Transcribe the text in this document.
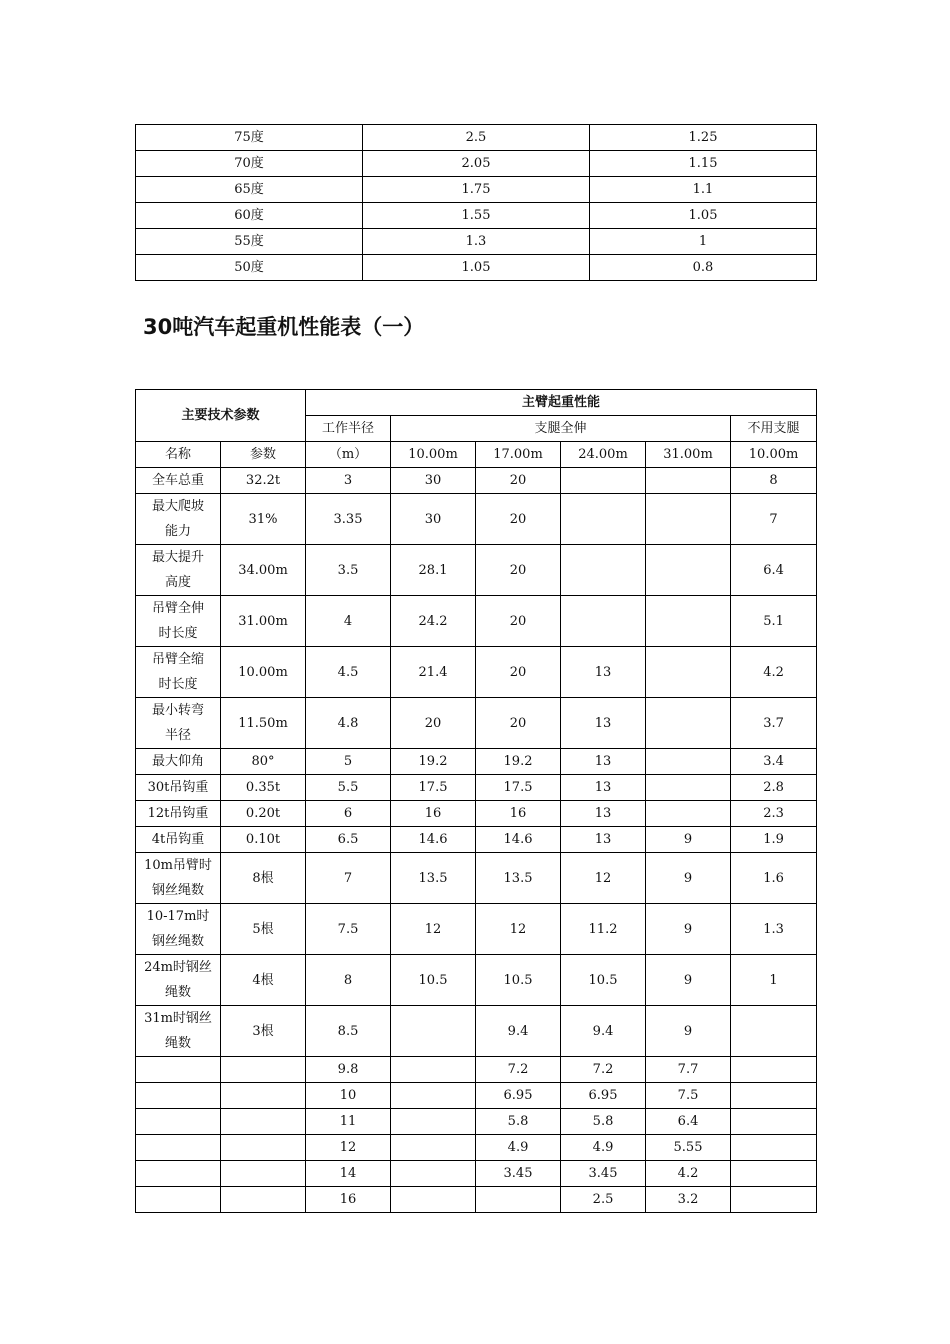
75度	2.5	1.25
70度	2.05	1.15
65度	1.75	1.1
60度	1.55	1.05
55度	1.3	1
50度	1.05	0.8
30吨汽车起重机性能表（一）
主要技术参数		主臂起重性能					
		工作半径	支腿全伸				不用支腿
名称	参数	（m）	10.00m	17.00m	24.00m	31.00m	10.00m

全车总重	32.2t	3	30	20			8

最大爬坡
能力	31%	3.35	30	20			7

最大提升
高度	34.00m	3.5	28.1	20			6.4

吊臂全伸
时长度	31.00m	4	24.2	20			5.1

吊臂全缩
时长度	10.00m	4.5	21.4	20	13		4.2

最小转弯
半径	11.50m	4.8	20	20	13		3.7

最大仰角	80°	5	19.2	19.2	13		3.4

30t吊钩重	0.35t	5.5	17.5	17.5	13		2.8

12t吊钩重	0.20t	6	16	16	13		2.3

4t吊钩重	0.10t	6.5	14.6	14.6	13	9	1.9

10m吊臂时
钢丝绳数	8根	7	13.5	13.5	12	9	1.6

10-17m时
钢丝绳数	5根	7.5	12	12	11.2	9	1.3

24m时钢丝
绳数	4根	8	10.5	10.5	10.5	9	1

31m时钢丝
绳数	3根	8.5		9.4	9.4	9	

		9.8		7.2	7.2	7.7	

		10		6.95	6.95	7.5	

		11		5.8	5.8	6.4	

		12		4.9	4.9	5.55	

		14		3.45	3.45	4.2	

		16			2.5	3.2	
